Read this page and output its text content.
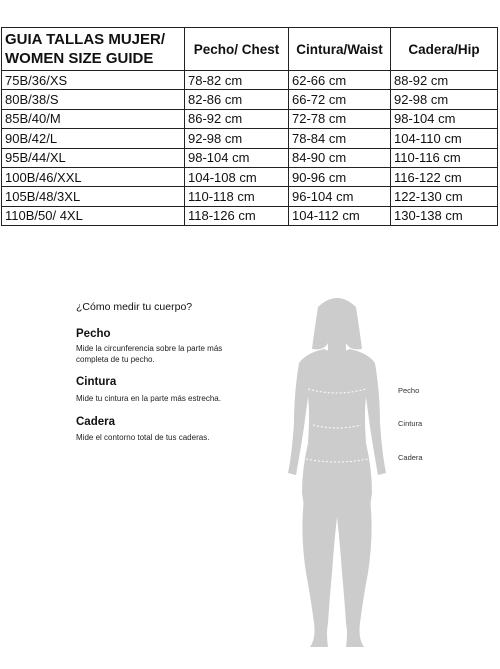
GUIA TALLAS MUJER/
WOMEN SIZE GUIDE	Pecho/ Chest	Cintura/Waist	Cadera/Hip
75B/36/XS	78-82 cm	62-66 cm	88-92 cm
80B/38/S	82-86 cm	66-72 cm	92-98 cm
85B/40/M	86-92 cm	72-78 cm	98-104 cm
90B/42/L	92-98 cm	78-84 cm	104-110 cm
95B/44/XL	98-104 cm	84-90 cm	110-116 cm
100B/46/XXL	104-108 cm	90-96 cm	116-122 cm
105B/48/3XL	110-118 cm	96-104 cm	122-130 cm
110B/50/ 4XL	118-126 cm	104-112 cm	130-138 cm
¿Cómo medir tu cuerpo?
Pecho
Mide la circunferencia sobre la parte más
completa de tu pecho.
Cintura
Mide tu cintura en la parte más estrecha.
Cadera
Mide el contorno total de tus caderas.
Pecho
Cintura
Cadera
